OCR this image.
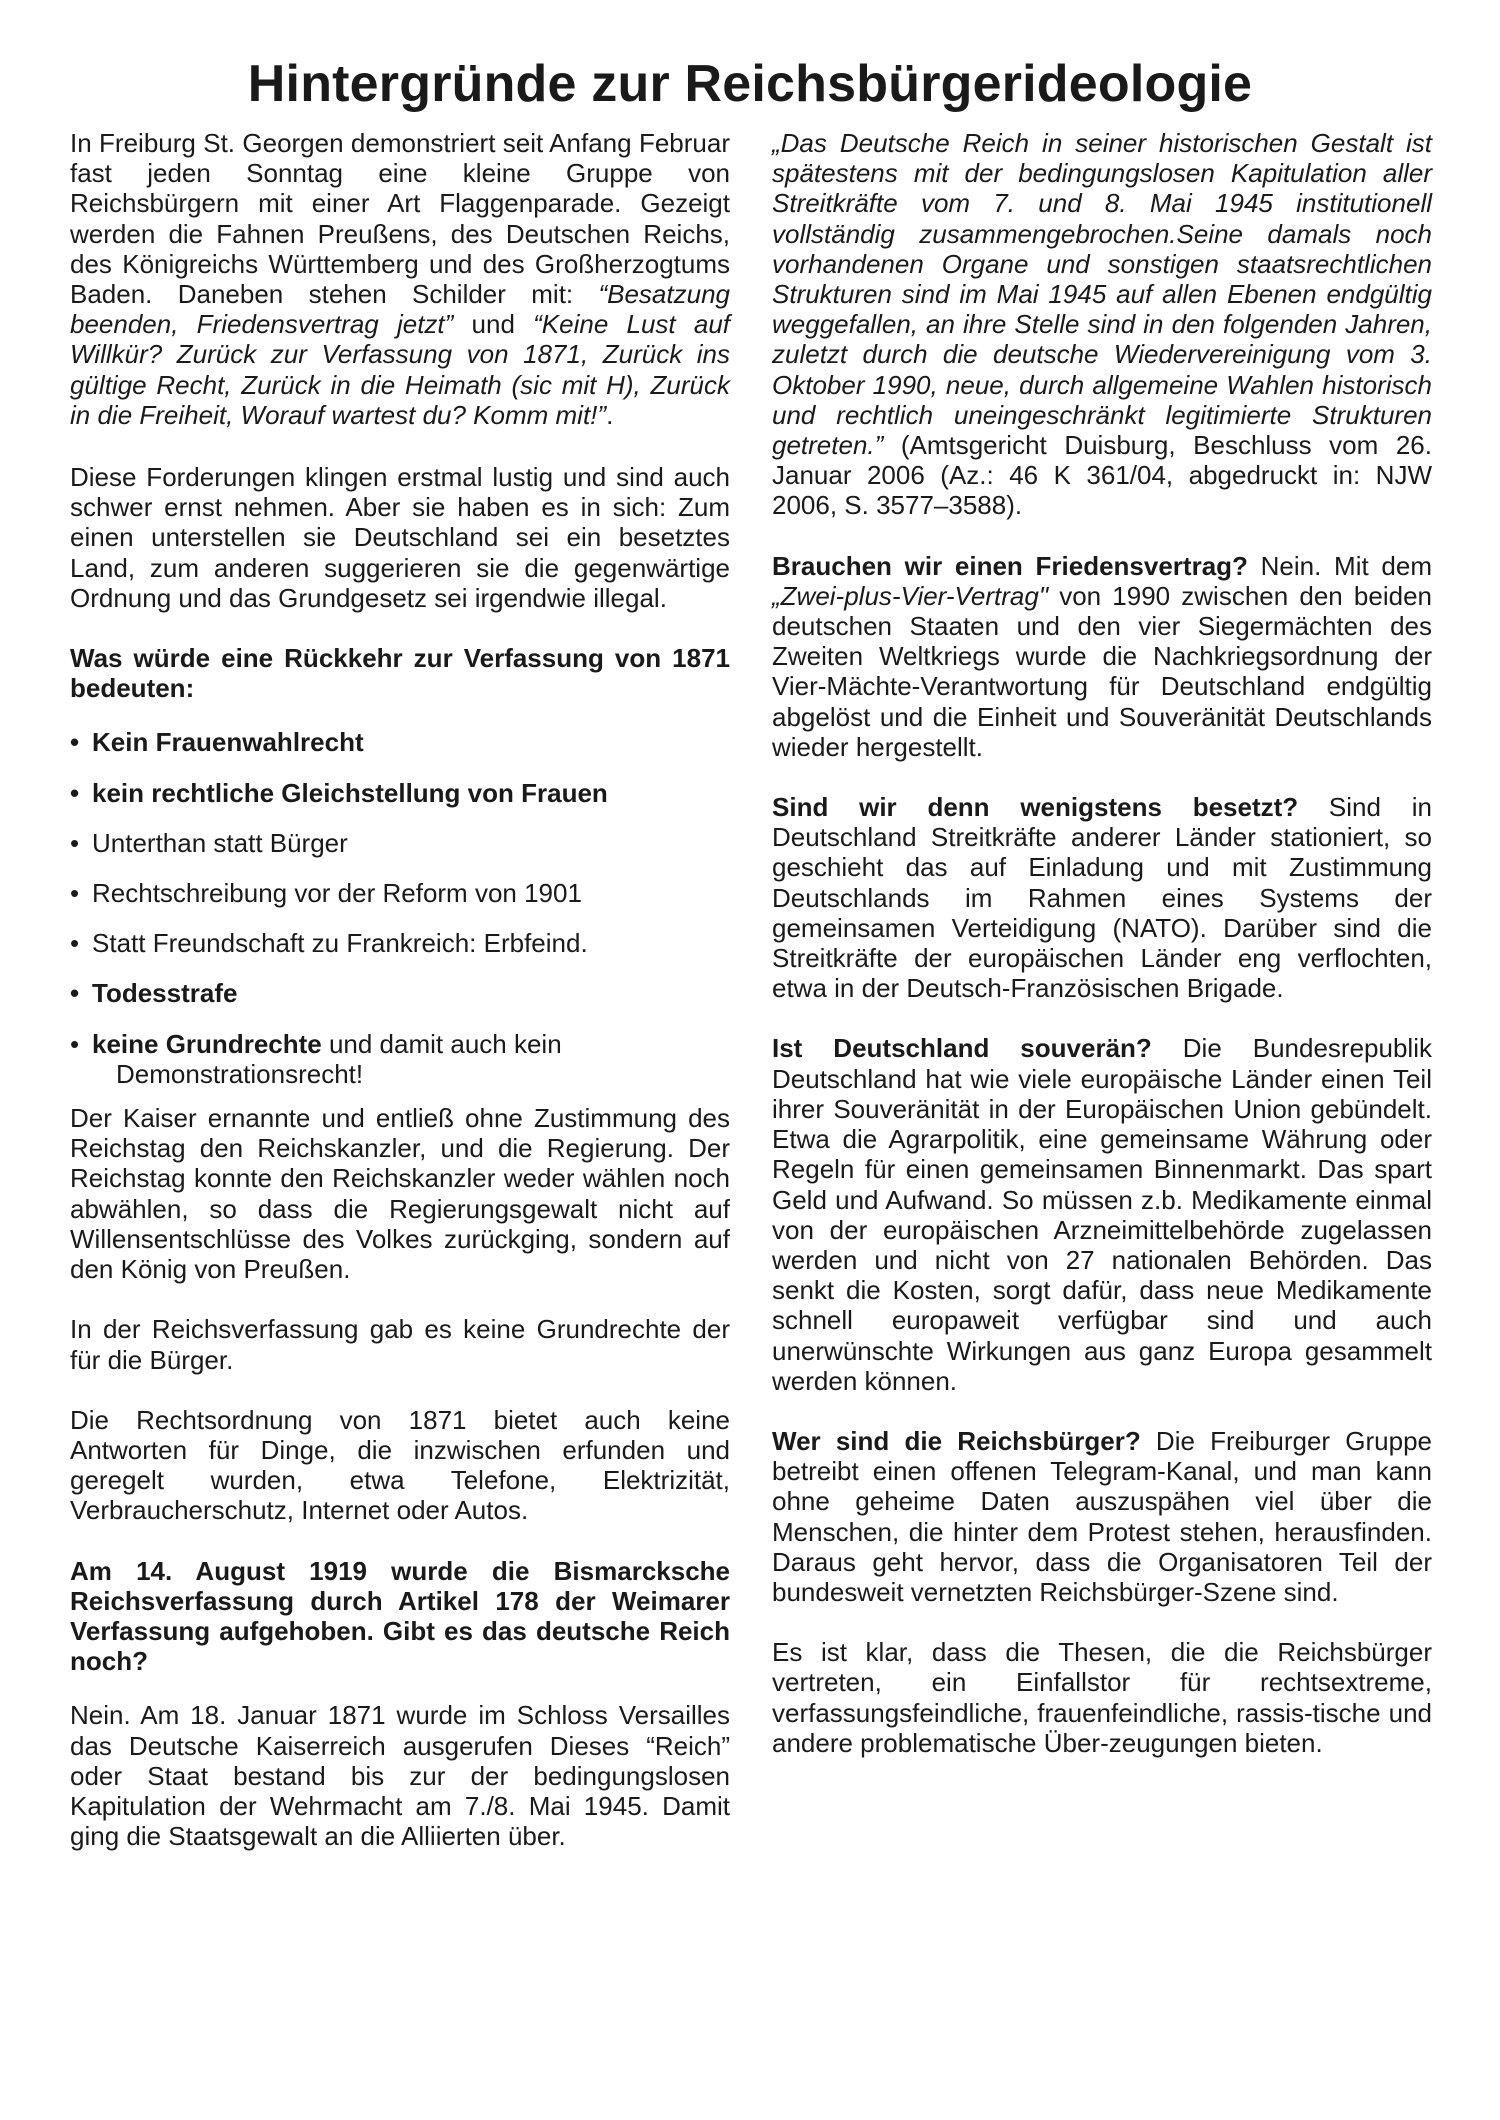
Hintergründe zur Reichsbürgerideologie

In Freiburg St. Georgen demonstriert seit Anfang Februar fast jeden Sonntag eine kleine Gruppe von Reichsbürgern mit einer Art Flaggenparade. Gezeigt werden die Fahnen Preußens, des Deutschen Reichs, des Königreichs Württemberg und des Großherzogtums Baden. Daneben stehen Schilder mit: “Besatzung beenden, Friedensvertrag jetzt” und “Keine Lust auf Willkür? Zurück zur Verfassung von 1871, Zurück ins gültige Recht, Zurück in die Heimath (sic mit H), Zurück in die Freiheit, Worauf wartest du? Komm mit!”.

Diese Forderungen klingen erstmal lustig und sind auch schwer ernst nehmen. Aber sie haben es in sich: Zum einen unterstellen sie Deutschland sei ein besetztes Land, zum anderen suggerieren sie die gegenwärtige Ordnung und das Grundgesetz sei irgendwie illegal.

Was würde eine Rückkehr zur Verfassung von 1871 bedeuten:
• Kein Frauenwahlrecht
• kein rechtliche Gleichstellung von Frauen
• Unterthan statt Bürger
• Rechtschreibung vor der Reform von 1901
• Statt Freundschaft zu Frankreich: Erbfeind.
• Todesstrafe
• keine Grundrechte und damit auch kein
Demonstrationsrecht!

Der Kaiser ernannte und entließ ohne Zustimmung des Reichstag den Reichskanzler, und die Regierung. Der Reichstag konnte den Reichskanzler weder wählen noch abwählen, so dass die Regierungsgewalt nicht auf Willensentschlüsse des Volkes zurückging, sondern auf den König von Preußen.

In der Reichsverfassung gab es keine Grundrechte der für die Bürger.

Die Rechtsordnung von 1871 bietet auch keine Antworten für Dinge, die inzwischen erfunden und geregelt wurden, etwa Telefone, Elektrizität, Verbraucherschutz, Internet oder Autos.

Am 14. August 1919 wurde die Bismarcksche Reichsverfassung durch Artikel 178 der Weimarer Verfassung aufgehoben. Gibt es das deutsche Reich noch?

Nein. Am 18. Januar 1871 wurde im Schloss Versailles das Deutsche Kaiserreich ausgerufen Dieses “Reich” oder Staat bestand bis zur der bedingungslosen Kapitulation der Wehrmacht am 7./8. Mai 1945. Damit ging die Staatsgewalt an die Alliierten über.

„Das Deutsche Reich in seiner historischen Gestalt ist spätestens mit der bedingungslosen Kapitulation aller Streitkräfte vom 7. und 8. Mai 1945 institutionell vollständig zusammengebrochen.Seine damals noch vorhandenen Organe und sonstigen staatsrechtlichen Strukturen sind im Mai 1945 auf allen Ebenen endgültig weggefallen, an ihre Stelle sind in den folgenden Jahren, zuletzt durch die deutsche Wiedervereinigung vom 3. Oktober 1990, neue, durch allgemeine Wahlen historisch und rechtlich uneingeschränkt legitimierte Strukturen getreten.” (Amtsgericht Duisburg, Beschluss vom 26. Januar 2006 (Az.: 46 K 361/04, abgedruckt in: NJW 2006, S. 3577–3588).

Brauchen wir einen Friedensvertrag? Nein. Mit dem „Zwei-plus-Vier-Vertrag" von 1990 zwischen den beiden deutschen Staaten und den vier Siegermächten des Zweiten Weltkriegs wurde die Nachkriegsordnung der Vier-Mächte-Verantwortung für Deutschland endgültig abgelöst und die Einheit und Souveränität Deutschlands wieder hergestellt.

Sind wir denn wenigstens besetzt? Sind in Deutschland Streitkräfte anderer Länder stationiert, so geschieht das auf Einladung und mit Zustimmung Deutschlands im Rahmen eines Systems der gemeinsamen Verteidigung (NATO). Darüber sind die Streitkräfte der europäischen Länder eng verflochten, etwa in der Deutsch-Französischen Brigade.

Ist Deutschland souverän? Die Bundesrepublik Deutschland hat wie viele europäische Länder einen Teil ihrer Souveränität in der Europäischen Union gebündelt. Etwa die Agrarpolitik, eine gemeinsame Währung oder Regeln für einen gemeinsamen Binnenmarkt. Das spart Geld und Aufwand. So müssen z.b. Medikamente einmal von der europäischen Arzneimittelbehörde zugelassen werden und nicht von 27 nationalen Behörden. Das senkt die Kosten, sorgt dafür, dass neue Medikamente schnell europaweit verfügbar sind und auch unerwünschte Wirkungen aus ganz Europa gesammelt werden können.

Wer sind die Reichsbürger? Die Freiburger Gruppe betreibt einen offenen Telegram-Kanal, und man kann ohne geheime Daten auszuspähen viel über die Menschen, die hinter dem Protest stehen, herausfinden. Daraus geht hervor, dass die Organisatoren Teil der bundesweit vernetzten Reichsbürger-Szene sind.

Es ist klar, dass die Thesen, die die Reichsbürger vertreten, ein Einfallstor für rechtsextreme, verfassungsfeindliche, frauenfeindliche, rassis-tische und andere problematische Über-zeugungen bieten.
